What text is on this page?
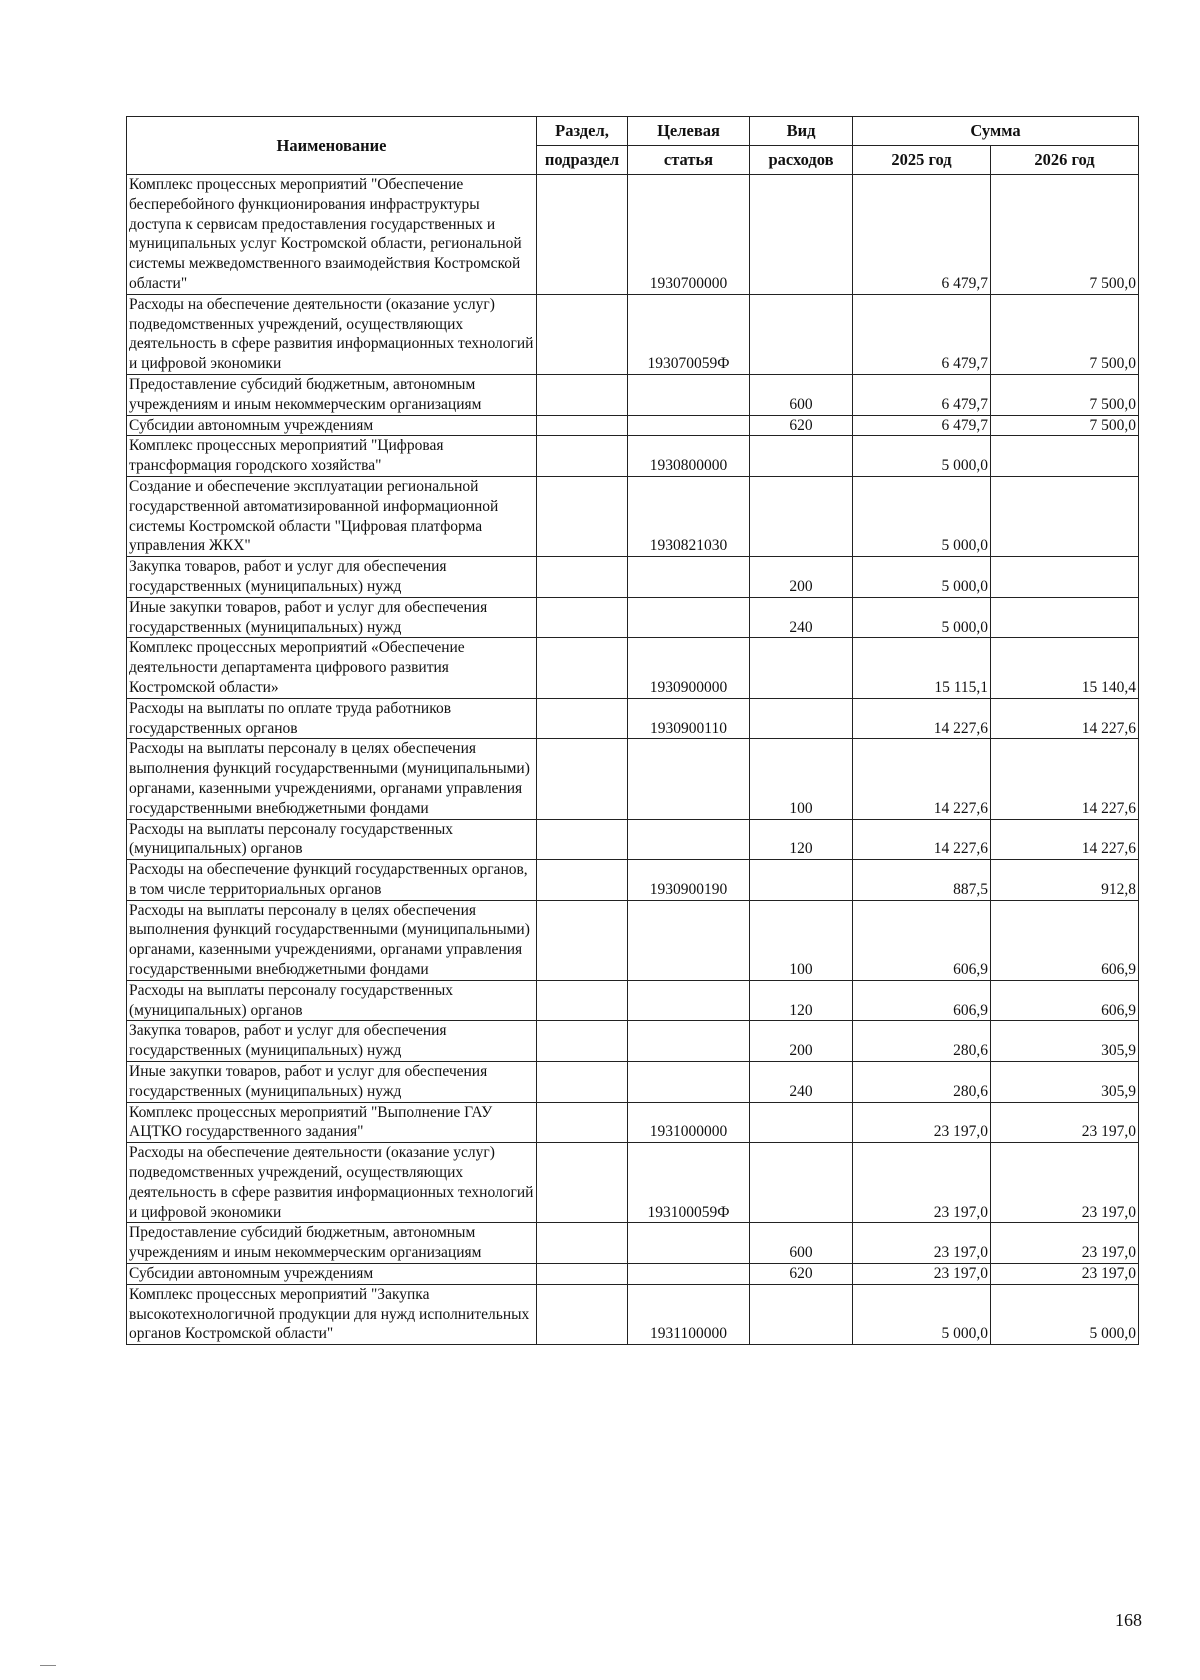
Наименование	Раздел,	Целевая	Вид	Сумма	
	подраздел	статья	расходов	2025 год	2026 год
Комплекс процессных мероприятий "Обеспечение бесперебойного функционирования инфраструктуры доступа к сервисам предоставления государственных и муниципальных услуг Костромской области, региональной системы межведомственного взаимодействия Костромской области"		1930700000		6 479,7	7 500,0
Расходы на обеспечение деятельности (оказание услуг) подведомственных учреждений, осуществляющих деятельность в сфере развития информационных технологий и цифровой экономики		193070059Ф		6 479,7	7 500,0
Предоставление субсидий бюджетным, автономным учреждениям и иным некоммерческим организациям			600	6 479,7	7 500,0
Субсидии автономным учреждениям			620	6 479,7	7 500,0
Комплекс процессных мероприятий "Цифровая трансформация городского хозяйства"		1930800000		5 000,0	
Создание и обеспечение эксплуатации региональной государственной автоматизированной информационной системы Костромской области "Цифровая платформа управления ЖКХ"		1930821030		5 000,0	
Закупка товаров, работ и услуг для обеспечения государственных (муниципальных) нужд			200	5 000,0	
Иные закупки товаров, работ и услуг для обеспечения государственных (муниципальных) нужд			240	5 000,0	
Комплекс процессных мероприятий «Обеспечение деятельности департамента цифрового развития Костромской области»		1930900000		15 115,1	15 140,4
Расходы на выплаты по оплате труда работников государственных органов		1930900110		14 227,6	14 227,6
Расходы на выплаты персоналу в целях обеспечения выполнения функций государственными (муниципальными) органами, казенными учреждениями, органами управления государственными внебюджетными фондами			100	14 227,6	14 227,6
Расходы на выплаты персоналу государственных (муниципальных) органов			120	14 227,6	14 227,6
Расходы на обеспечение функций государственных органов, в том числе территориальных органов		1930900190		887,5	912,8
Расходы на выплаты персоналу в целях обеспечения выполнения функций государственными (муниципальными) органами, казенными учреждениями, органами управления государственными внебюджетными фондами			100	606,9	606,9
Расходы на выплаты персоналу государственных (муниципальных) органов			120	606,9	606,9
Закупка товаров, работ и услуг для обеспечения государственных (муниципальных) нужд			200	280,6	305,9
Иные закупки товаров, работ и услуг для обеспечения государственных (муниципальных) нужд			240	280,6	305,9
Комплекс процессных мероприятий "Выполнение ГАУ АЦТКО государственного задания"		1931000000		23 197,0	23 197,0
Расходы на обеспечение деятельности (оказание услуг) подведомственных учреждений, осуществляющих деятельность в сфере развития информационных технологий и цифровой экономики		193100059Ф		23 197,0	23 197,0
Предоставление субсидий бюджетным, автономным учреждениям и иным некоммерческим организациям			600	23 197,0	23 197,0
Субсидии автономным учреждениям			620	23 197,0	23 197,0
Комплекс процессных мероприятий "Закупка высокотехнологичной продукции для нужд исполнительных органов Костромской области"		1931100000		5 000,0	5 000,0
168
